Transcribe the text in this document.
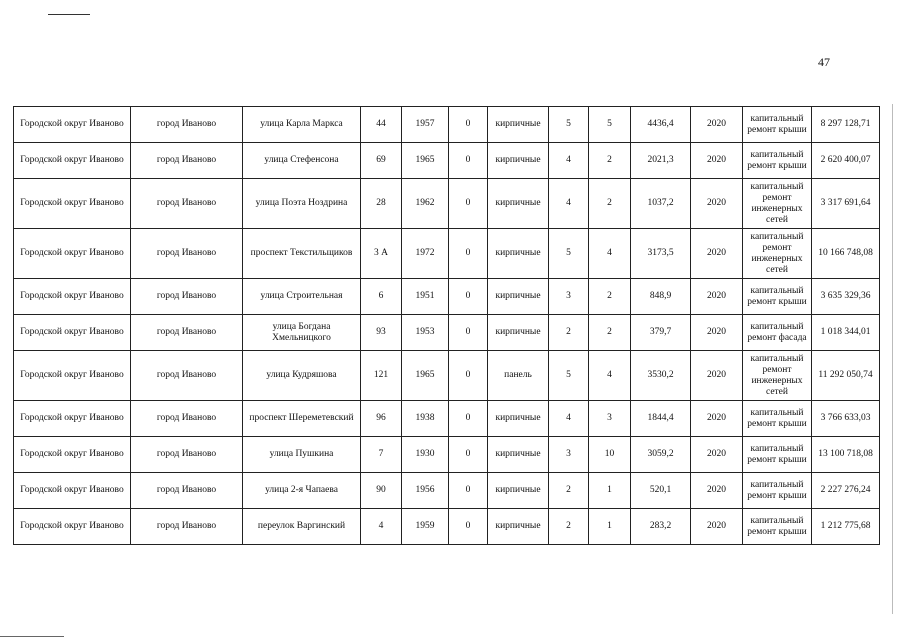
47
Городской округ Иваново	город Иваново	улица Карла Маркса	44	1957	0	кирпичные	5	5	4436,4	2020	капитальный ремонт крыши	8 297 128,71
Городской округ Иваново	город Иваново	улица Стефенсона	69	1965	0	кирпичные	4	2	2021,3	2020	капитальный ремонт крыши	2 620 400,07
Городской округ Иваново	город Иваново	улица Поэта Ноздрина	28	1962	0	кирпичные	4	2	1037,2	2020	капитальный ремонт инженерных сетей	3 317 691,64
Городской округ Иваново	город Иваново	проспект Текстильщиков	3 А	1972	0	кирпичные	5	4	3173,5	2020	капитальный ремонт инженерных сетей	10 166 748,08
Городской округ Иваново	город Иваново	улица Строительная	6	1951	0	кирпичные	3	2	848,9	2020	капитальный ремонт крыши	3 635 329,36
Городской округ Иваново	город Иваново	улица Богдана Хмельницкого	93	1953	0	кирпичные	2	2	379,7	2020	капитальный ремонт фасада	1 018 344,01
Городской округ Иваново	город Иваново	улица Кудряшова	121	1965	0	панель	5	4	3530,2	2020	капитальный ремонт инженерных сетей	11 292 050,74
Городской округ Иваново	город Иваново	проспект Шереметевский	96	1938	0	кирпичные	4	3	1844,4	2020	капитальный ремонт крыши	3 766 633,03
Городской округ Иваново	город Иваново	улица Пушкина	7	1930	0	кирпичные	3	10	3059,2	2020	капитальный ремонт крыши	13 100 718,08
Городской округ Иваново	город Иваново	улица 2-я Чапаева	90	1956	0	кирпичные	2	1	520,1	2020	капитальный ремонт крыши	2 227 276,24
Городской округ Иваново	город Иваново	переулок Варгинский	4	1959	0	кирпичные	2	1	283,2	2020	капитальный ремонт крыши	1 212 775,68
